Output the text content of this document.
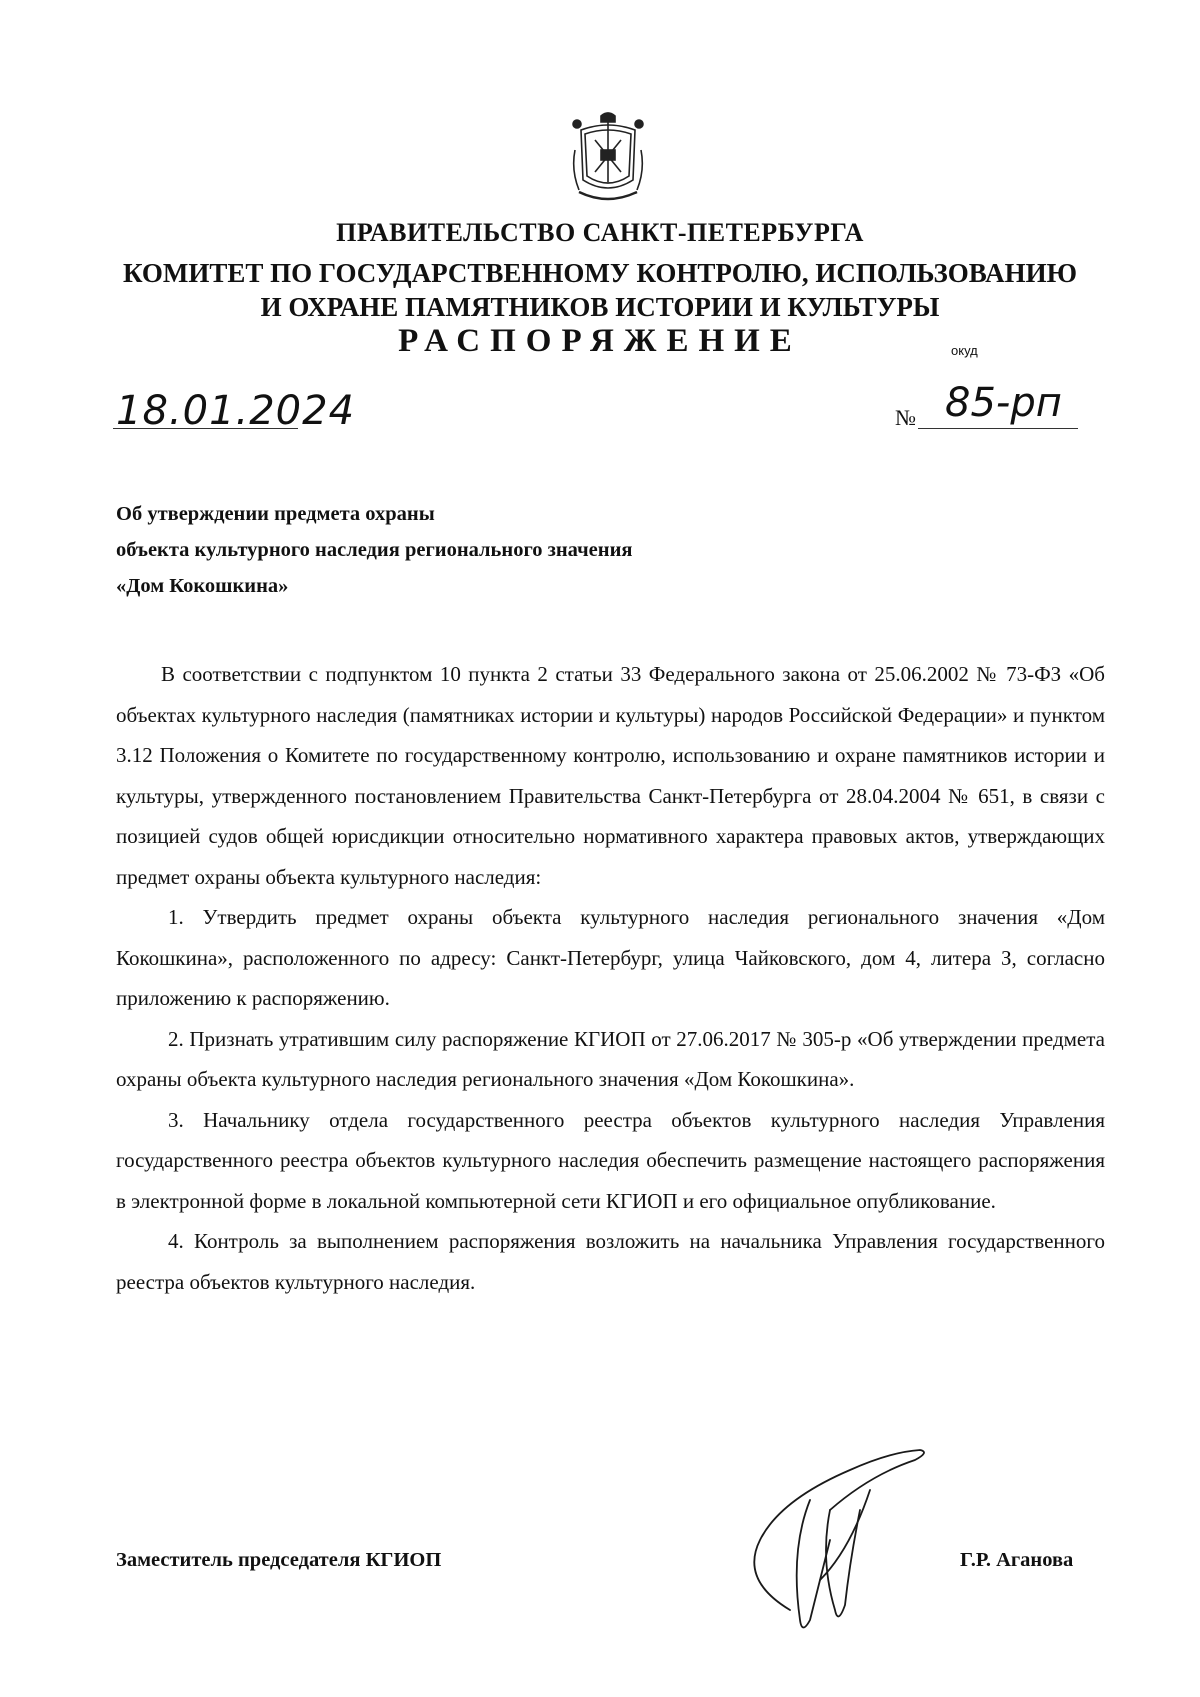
ПРАВИТЕЛЬСТВО САНКТ-ПЕТЕРБУРГА
КОМИТЕТ ПО ГОСУДАРСТВЕННОМУ КОНТРОЛЮ, ИСПОЛЬЗОВАНИЮ
И ОХРАНЕ ПАМЯТНИКОВ ИСТОРИИ И КУЛЬТУРЫ
РАСПОРЯЖЕНИЕ	окуд
18.01.2024	№ 85-рп
Об утверждении предмета охраны
объекта культурного наследия регионального значения
«Дом Кокошкина»

В соответствии с подпунктом 10 пункта 2 статьи 33 Федерального закона от 25.06.2002 № 73-ФЗ «Об объектах культурного наследия (памятниках истории и культуры) народов Российской Федерации» и пунктом 3.12 Положения о Комитете по государственному контролю, использованию и охране памятников истории и культуры, утвержденного постановлением Правительства Санкт-Петербурга от 28.04.2004 № 651, в связи с позицией судов общей юрисдикции относительно нормативного характера правовых актов, утверждающих предмет охраны объекта культурного наследия:

1. Утвердить предмет охраны объекта культурного наследия регионального значения «Дом Кокошкина», расположенного по адресу: Санкт-Петербург, улица Чайковского, дом 4, литера З, согласно приложению к распоряжению.

2. Признать утратившим силу распоряжение КГИОП от 27.06.2017 № 305-р «Об утверждении предмета охраны объекта культурного наследия регионального значения «Дом Кокошкина».

3. Начальнику отдела государственного реестра объектов культурного наследия Управления государственного реестра объектов культурного наследия обеспечить размещение настоящего распоряжения в электронной форме в локальной компьютерной сети КГИОП и его официальное опубликование.

4. Контроль за выполнением распоряжения возложить на начальника Управления государственного реестра объектов культурного наследия.

Заместитель председателя КГИОП	Г.Р. Аганова
